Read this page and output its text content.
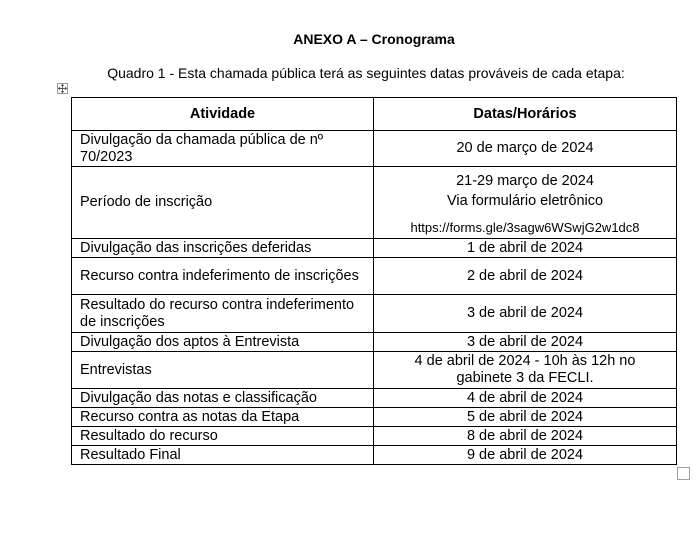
ANEXO A – Cronograma
Quadro 1 - Esta chamada pública terá as seguintes datas prováveis de cada etapa:
Atividade	Datas/Horários
Divulgação da chamada pública de nº 70/2023	20 de março de 2024
Período de inscrição	21-29 março de 2024
Via formulário eletrônico
https://forms.gle/3sagw6WSwjG2w1dc8

Divulgação das inscrições deferidas	1 de abril de 2024
Recurso contra indeferimento de inscrições	2 de abril de 2024
Resultado do recurso contra indeferimento de inscrições	3 de abril de 2024
Divulgação dos aptos à Entrevista	3 de abril de 2024
Entrevistas	4 de abril de 2024 - 10h às 12h no gabinete 3 da FECLI.
Divulgação das notas e classificação	4 de abril de 2024
Recurso contra as notas da Etapa	5 de abril de 2024
Resultado do recurso	8 de abril de 2024
Resultado Final	9 de abril de 2024
